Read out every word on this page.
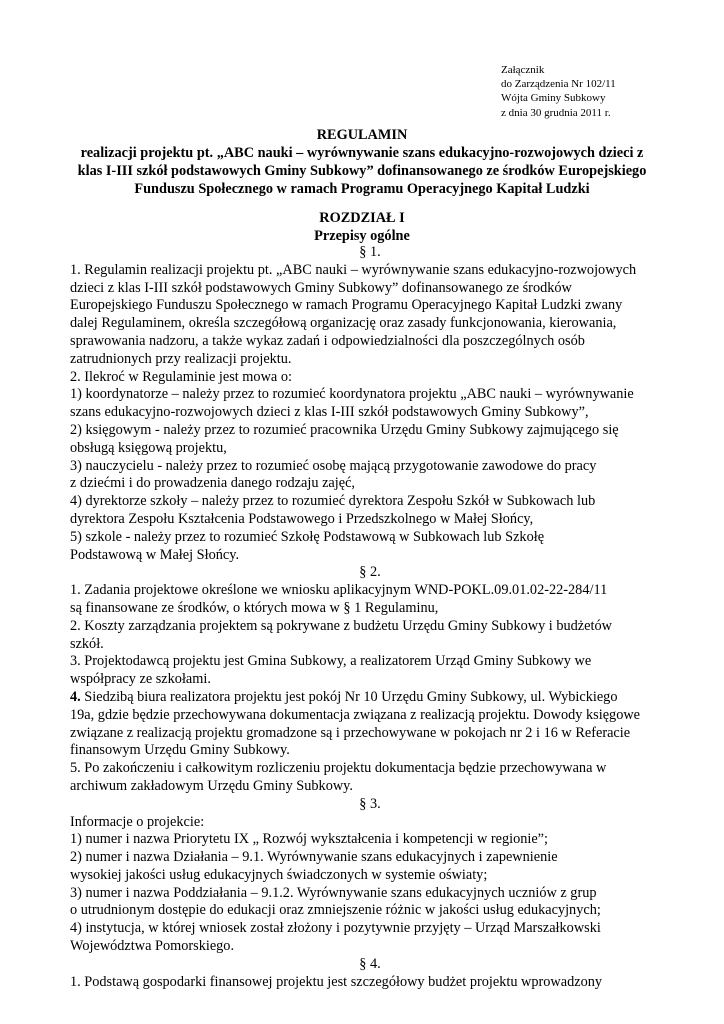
Załącznik
do Zarządzenia Nr 102/11
Wójta Gminy Subkowy
z dnia 30 grudnia 2011 r.
REGULAMIN
realizacji projektu pt. „ABC nauki – wyrównywanie szans edukacyjno-rozwojowych dzieci z
klas I-III szkół podstawowych Gminy Subkowy” dofinansowanego ze środków Europejskiego
Funduszu Społecznego w ramach Programu Operacyjnego Kapitał Ludzki
ROZDZIAŁ I
Przepisy ogólne
§ 1.
1. Regulamin realizacji projektu pt. „ABC nauki – wyrównywanie szans edukacyjno-rozwojowych
dzieci z klas I-III szkół podstawowych Gminy Subkowy” dofinansowanego ze środków
Europejskiego Funduszu Społecznego w ramach Programu Operacyjnego Kapitał Ludzki zwany
dalej Regulaminem, określa szczegółową organizację oraz zasady funkcjonowania, kierowania,
sprawowania nadzoru, a także wykaz zadań i odpowiedzialności dla poszczególnych osób
zatrudnionych przy realizacji projektu.
2. Ilekroć w Regulaminie jest mowa o:
1) koordynatorze – należy przez to rozumieć koordynatora projektu „ABC nauki – wyrównywanie
szans edukacyjno-rozwojowych dzieci z klas I-III szkół podstawowych Gminy Subkowy”,
2) księgowym - należy przez to rozumieć pracownika Urzędu Gminy Subkowy zajmującego się
obsługą księgową projektu,
3) nauczycielu - należy przez to rozumieć osobę mającą przygotowanie zawodowe do pracy
z dziećmi i do prowadzenia danego rodzaju zajęć,
4) dyrektorze szkoły – należy przez to rozumieć dyrektora Zespołu Szkół w Subkowach lub
dyrektora Zespołu Kształcenia Podstawowego i Przedszkolnego w Małej Słońcy,
5) szkole - należy przez to rozumieć Szkołę Podstawową w Subkowach lub Szkołę
Podstawową w Małej Słońcy.
§ 2.
1. Zadania projektowe określone we wniosku aplikacyjnym WND-POKL.09.01.02-22-284/11
są finansowane ze środków, o których mowa w § 1 Regulaminu,
2. Koszty zarządzania projektem są pokrywane z budżetu Urzędu Gminy Subkowy i budżetów
szkół.
3. Projektodawcą projektu jest Gmina Subkowy, a realizatorem Urząd Gminy Subkowy we
współpracy ze szkołami.
4. Siedzibą biura realizatora projektu jest pokój Nr 10 Urzędu Gminy Subkowy, ul. Wybickiego
19a, gdzie będzie przechowywana dokumentacja związana z realizacją projektu. Dowody księgowe
związane z realizacją projektu gromadzone są i przechowywane w pokojach nr 2 i 16 w Referacie
finansowym Urzędu Gminy Subkowy.
5. Po zakończeniu i całkowitym rozliczeniu projektu dokumentacja będzie przechowywana w
archiwum zakładowym Urzędu Gminy Subkowy.
§ 3.
Informacje o projekcie:
1) numer i nazwa Priorytetu IX „ Rozwój wykształcenia i kompetencji w regionie”;
2) numer i nazwa Działania – 9.1. Wyrównywanie szans edukacyjnych i zapewnienie
wysokiej jakości usług edukacyjnych świadczonych w systemie oświaty;
3) numer i nazwa Poddziałania – 9.1.2. Wyrównywanie szans edukacyjnych uczniów z grup
o utrudnionym dostępie do edukacji oraz zmniejszenie różnic w jakości usług edukacyjnych;
4) instytucja, w której wniosek został złożony i pozytywnie przyjęty – Urząd Marszałkowski
Województwa Pomorskiego.
§ 4.
1. Podstawą gospodarki finansowej projektu jest szczegółowy budżet projektu wprowadzony
